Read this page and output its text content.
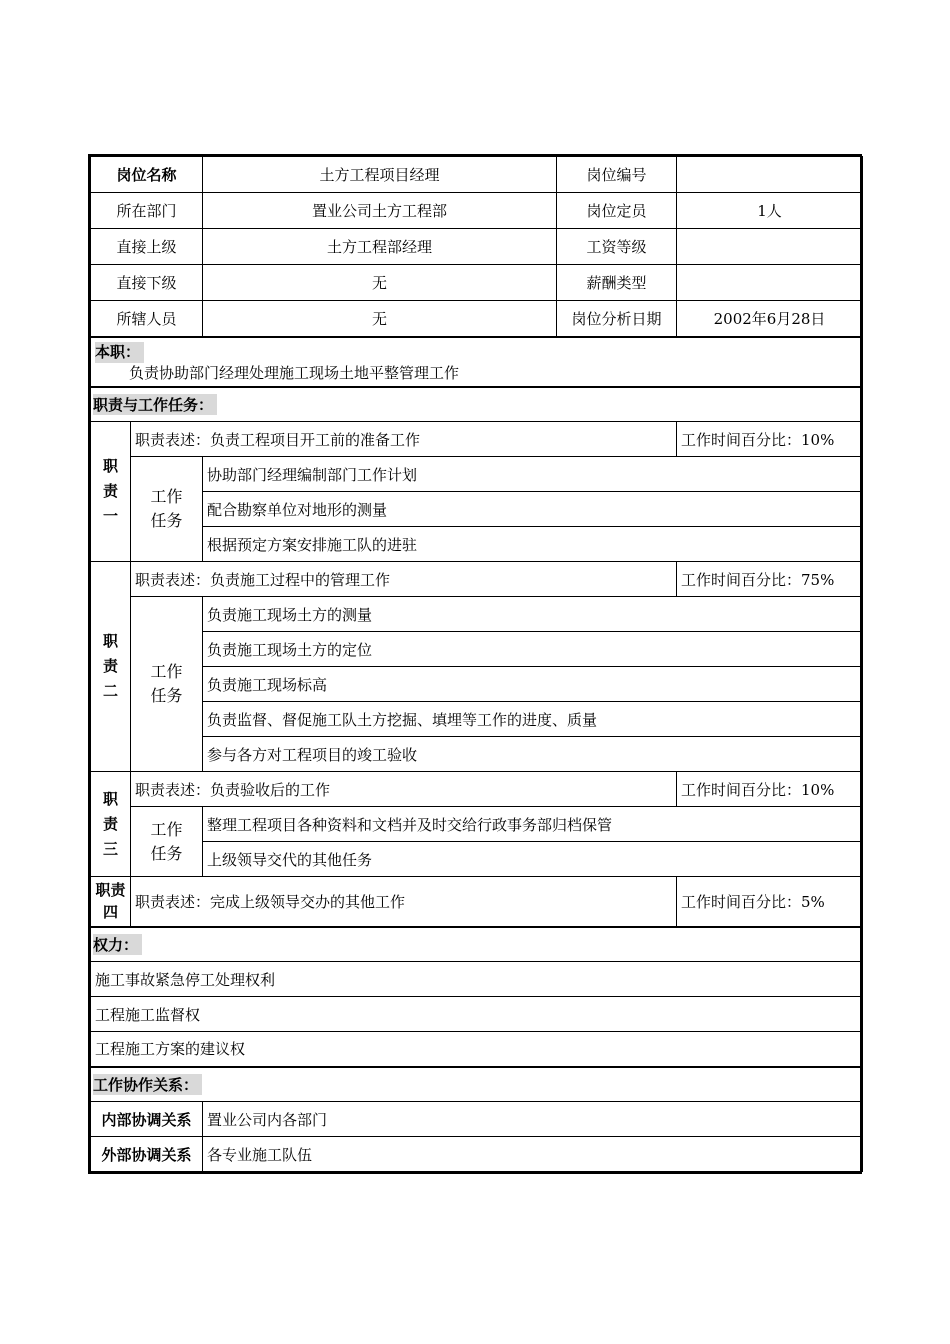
岗位名称		土方工程项目经理	岗位编号	
所在部门		置业公司土方工程部	岗位定员	1人
直接上级		土方工程部经理	工资等级	
直接下级		无	薪酬类型	
所辖人员		无	岗位分析日期	2002年6月28日

本职：
负责协助部门经理处理施工现场土地平整管理工作				

职责与工作任务：				
职责一	职责表述：负责工程项目开工前的准备工作			工作时间百分比：10%
	工作任务	协助部门经理编制部门工作计划		
		配合勘察单位对地形的测量		
		根据预定方案安排施工队的进驻		
职责二	职责表述：负责施工过程中的管理工作			工作时间百分比：75%
	工作任务	负责施工现场土方的测量		
		负责施工现场土方的定位		
		负责施工现场标高		
		负责监督、督促施工队土方挖掘、填埋等工作的进度、质量		
		参与各方对工程项目的竣工验收		
职责三	职责表述：负责验收后的工作			工作时间百分比：10%
	工作任务	整理工程项目各种资料和文档并及时交给行政事务部归档保管		
		上级领导交代的其他任务		
职责四	职责表述：完成上级领导交办的其他工作			工作时间百分比：5%
权力：				
施工事故紧急停工处理权利				
工程施工监督权				
工程施工方案的建议权				
工作协作关系：				
内部协调关系		置业公司内各部门		
外部协调关系		各专业施工队伍		
